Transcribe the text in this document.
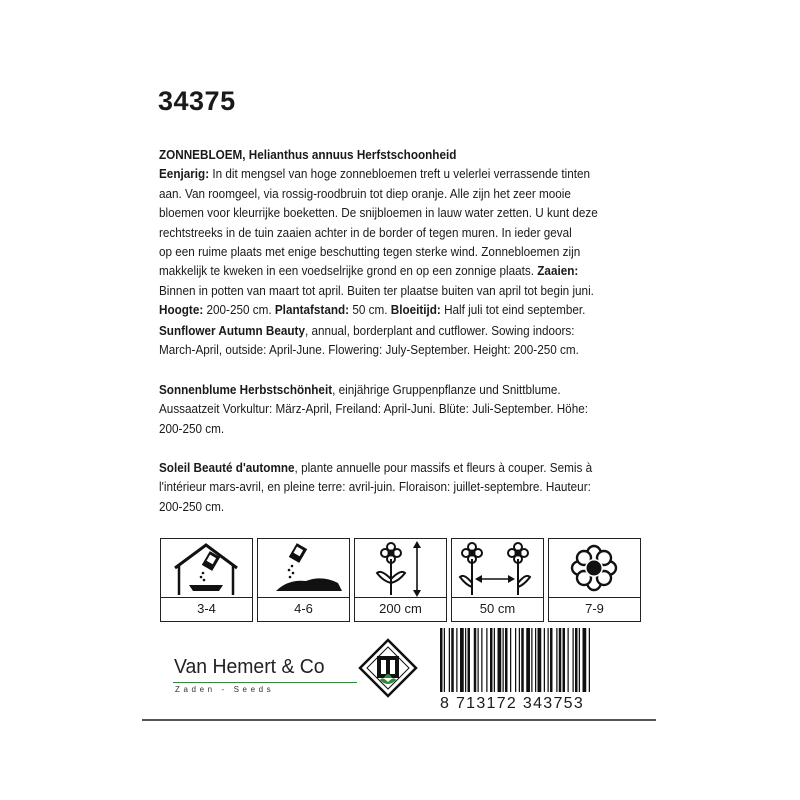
34375
ZONNEBLOEM, Helianthus annuus Herfstschoonheid
Eenjarig: In dit mengsel van hoge zonnebloemen treft u velerlei verrassende tinten
aan. Van roomgeel, via rossig-roodbruin tot diep oranje. Alle zijn het zeer mooie
bloemen voor kleurrijke boeketten. De snijbloemen in lauw water zetten. U kunt deze
rechtstreeks in de tuin zaaien achter in de border of tegen muren. In ieder geval
op een ruime plaats met enige beschutting tegen sterke wind. Zonnebloemen zijn
makkelijk te kweken in een voedselrijke grond en op een zonnige plaats. Zaaien:
Binnen in potten van maart tot april. Buiten ter plaatse buiten van april tot begin juni.
Hoogte: 200-250 cm. Plantafstand: 50 cm. Bloeitijd: Half juli tot eind september.
Sunflower Autumn Beauty, annual, borderplant and cutflower. Sowing indoors:
March-April, outside: April-June. Flowering: July-September. Height: 200-250 cm.
Sonnenblume Herbstschönheit, einjährige Gruppenpflanze und Snittblume.
Aussaatzeit Vorkultur: März-April, Freiland: April-Juni. Blüte: Juli-September. Höhe:
200-250 cm.
Soleil Beauté d'automne, plante annuelle pour massifs et fleurs à couper. Semis à
l'intérieur mars-avril, en pleine terre: avril-juin. Floraison: juillet-septembre. Hauteur:
200-250 cm.
3-4	4-6	200 cm	50 cm	7-9
Van Hemert & Co
Zaden - Seeds
8 713172 343753
